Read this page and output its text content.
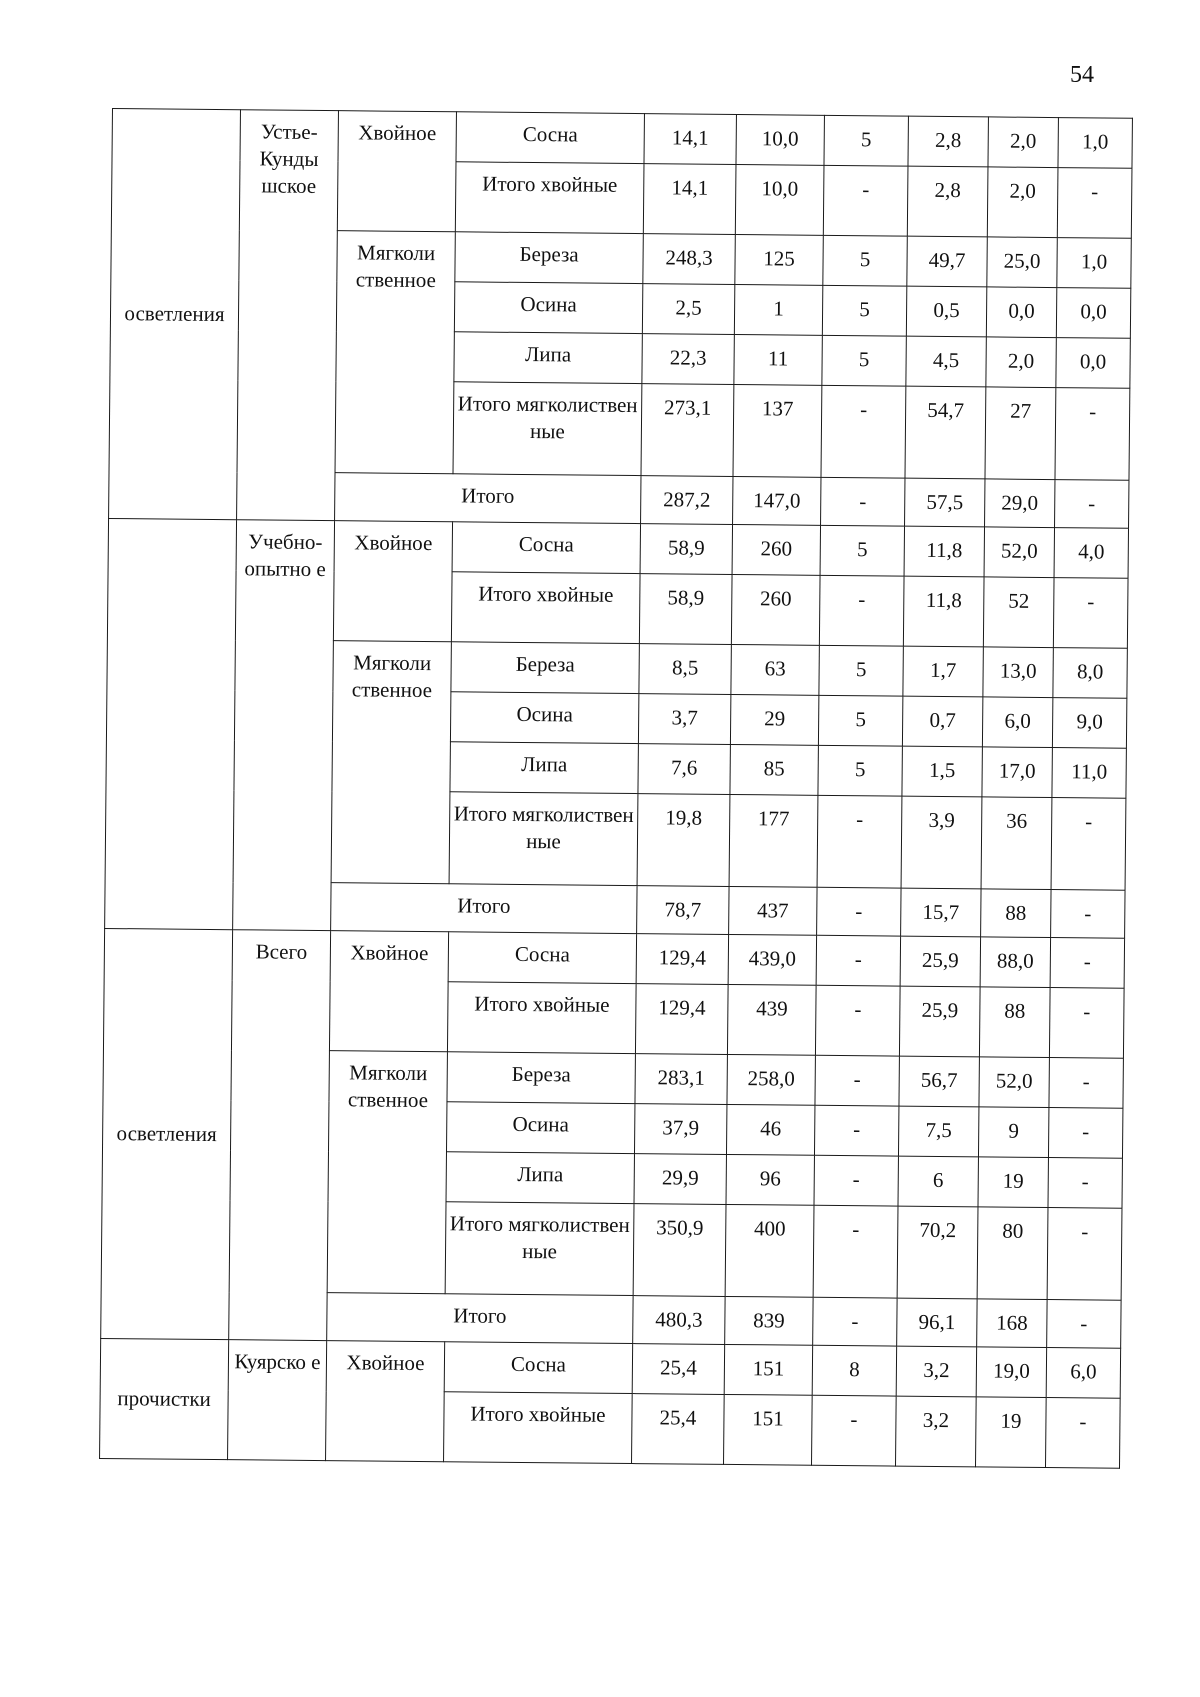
54
осветления	Устье-Кунды шское	Хвойное	Сосна	14,1	10,0	5	2,8	2,0	1,0
			Итого хвойные	14,1	10,0	-	2,8	2,0	-
		Мягколи ственное	Береза	248,3	125	5	49,7	25,0	1,0
			Осина	2,5	1	5	0,5	0,0	0,0
			Липа	22,3	11	5	4,5	2,0	0,0
			Итого мягколиствен ные	273,1	137	-	54,7	27	-
		Итого		287,2	147,0	-	57,5	29,0	-
	Учебно-опытно е	Хвойное	Сосна	58,9	260	5	11,8	52,0	4,0
			Итого хвойные	58,9	260	-	11,8	52	-
		Мягколи ственное	Береза	8,5	63	5	1,7	13,0	8,0
			Осина	3,7	29	5	0,7	6,0	9,0
			Липа	7,6	85	5	1,5	17,0	11,0
			Итого мягколиствен ные	19,8	177	-	3,9	36	-
		Итого		78,7	437	-	15,7	88	-
осветления	Всего	Хвойное	Сосна	129,4	439,0	-	25,9	88,0	-
			Итого хвойные	129,4	439	-	25,9	88	-
		Мягколи ственное	Береза	283,1	258,0	-	56,7	52,0	-
			Осина	37,9	46	-	7,5	9	-
			Липа	29,9	96	-	6	19	-
			Итого мягколиствен ные	350,9	400	-	70,2	80	-
		Итого		480,3	839	-	96,1	168	-
прочистки	Куярско е	Хвойное	Сосна	25,4	151	8	3,2	19,0	6,0
			Итого хвойные	25,4	151	-	3,2	19	-
